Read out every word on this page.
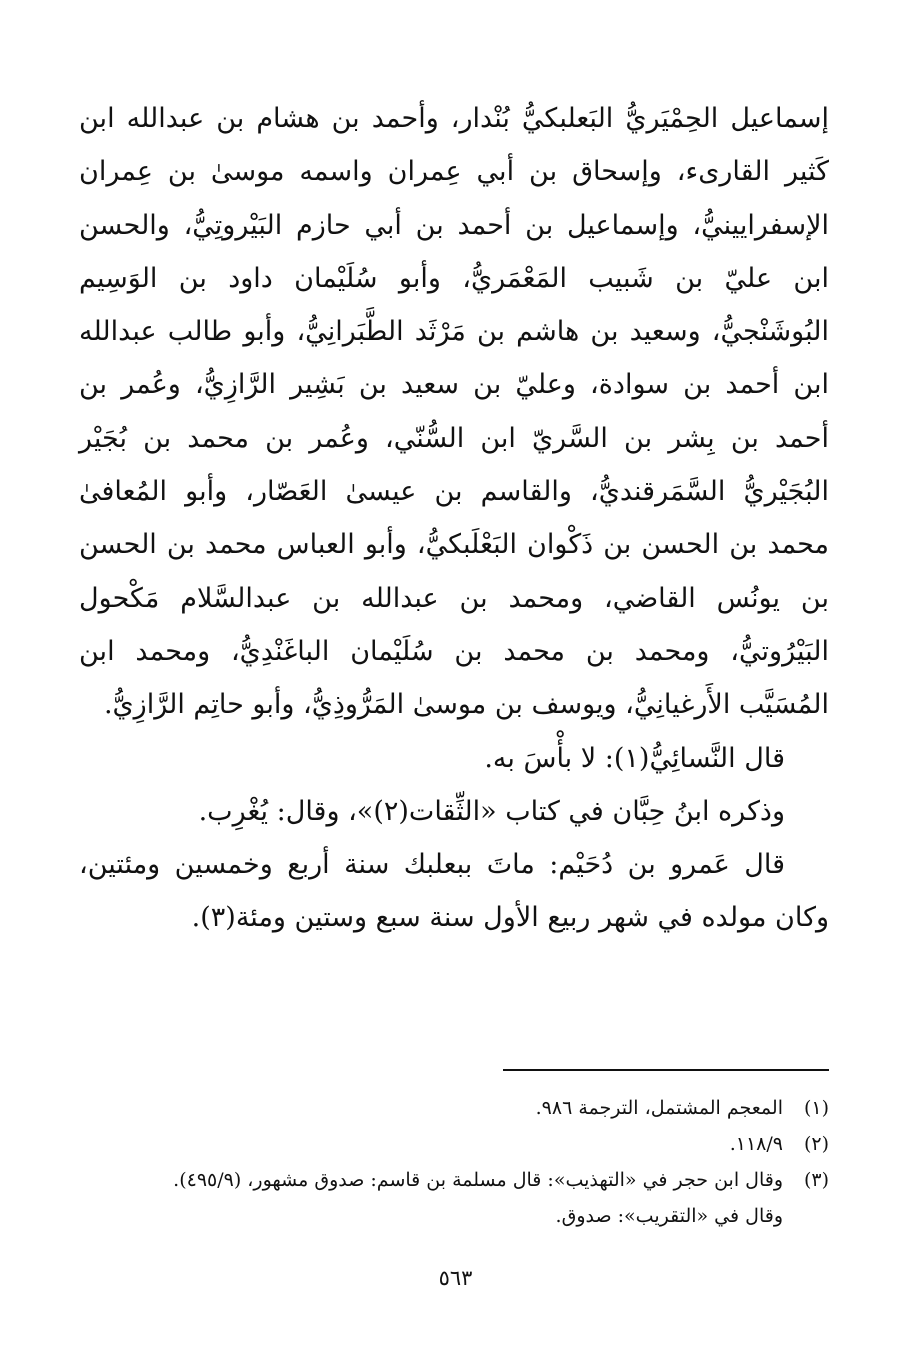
إسماعيل الحِمْيَريُّ البَعلبكيُّ بُنْدار، وأحمد بن هشام بن عبدالله ابن كَثير القارىء، وإسحاق بن أبي عِمران واسمه موسىٰ بن عِمران الإسفرايينيُّ، وإسماعيل بن أحمد بن أبي حازم البَيْروتِيُّ، والحسن ابن عليّ بن شَبيب المَعْمَريُّ، وأبو سُلَيْمان داود بن الوَسِيم البُوشَنْجيُّ، وسعيد بن هاشم بن مَرْثَد الطَّبَرانِيُّ، وأبو طالب عبدالله ابن أحمد بن سوادة، وعليّ بن سعيد بن بَشِير الرَّازِيُّ، وعُمر بن أحمد بن بِشر بن السَّريّ ابن السُّنّي، وعُمر بن محمد بن بُجَيْر البُجَيْريُّ السَّمَرقنديُّ، والقاسم بن عيسىٰ العَصّار، وأبو المُعافىٰ محمد بن الحسن بن ذَكْوان البَعْلَبكيُّ، وأبو العباس محمد بن الحسن بن يونُس القاضي، ومحمد بن عبدالله بن عبدالسَّلام مَكْحول البَيْرُوتيُّ، ومحمد بن محمد بن سُلَيْمان الباغَنْدِيُّ، ومحمد ابن المُسَيَّب الأَرغيانِيُّ، ويوسف بن موسىٰ المَرُّوذِيُّ، وأبو حاتِم الرَّازِيُّ.

قال النَّسائِيُّ(١): لا بأْسَ به.

وذكره ابنُ حِبَّان في كتاب «الثِّقات(٢)»، وقال: يُغْرِب.

قال عَمرو بن دُحَيْم: ماتَ ببعلبك سنة أربع وخمسين ومئتين، وكان مولده في شهر ربيع الأول سنة سبع وستين ومئة(٣).

(١)
المعجم المشتمل، الترجمة ٩٨٦.
(٢)
١١٨/٩.
(٣)
وقال ابن حجر في «التهذيب»: قال مسلمة بن قاسم: صدوق مشهور، (٤٩٥/٩).
وقال في «التقريب»: صدوق.
٥٦٣
